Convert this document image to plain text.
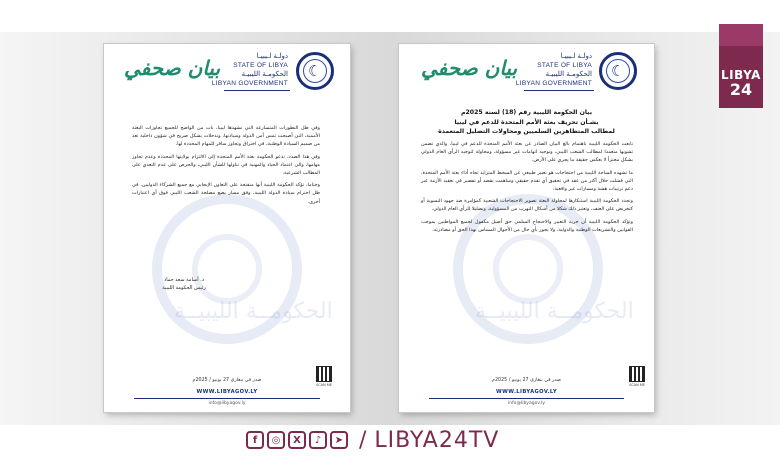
LIBYA
24
☾
دولـة لـيبيـا
STATE OF LIBYA
الحكومـة الليبيـة
LIBYAN GOVERNMENT
بيان صحفي
الحكومــة الليبيــة

وفي ظل التطورات المتسارعة التي تشهدها ليبيا، بات من الواضح للجميع تجاوزات البعثة الأممية، التي أصبحت تمس أمن الدولة وسيادتها، وتدخلات بشكل صريح في شؤون داخلية تعد من صميم السيادة الوطنية، في اختراق وتجاوز سافر للمهام المحددة لها.

وفي هذا الصدد، تدعو الحكومة بعثة الأمم المتحدة إلى الالتزام بولايتها المحددة وعدم تجاوز مهامها، والى اعتماد الحياد والمهنية في تناولها للشأن الليبي، والحرص على عدم التعدي على المطالب الشرعية.

وختاما، تؤكد الحكومة الليبية أنها منفتحة على التعاون الإيجابي مع جميع الشركاء الدوليين، في ظل احترام سيادة الدولة الليبية، وفق مسار يضع مصلحة الشعب الليبي فوق أي اعتبارات أخرى.

د. أسامة سعد حماد
رئيس الحكومة الليبية
SCAN ME
صدر في بنغازي 27 يونيو / 2025م
WWW.LIBYAGOV.LY
info@libyagov.ly
☾
دولـة لـيبيـا
STATE OF LIBYA
الحكومـة الليبيـة
LIBYAN GOVERNMENT
بيان صحفي
الحكومــة الليبيــة
بيان الحكومة الليبية رقم (18) لسنة 2025م
بشـأن تحريف بعثة الأمم المتحدة للدعم في ليبيا
لمطالب المتظاهرين السلميين ومحاولات التضليل المتعمدة

تابعت الحكومة الليبية باهتمام بالغ البيان الصادر عن بعثة الأمم المتحدة للدعم في ليبيا، والذي تضمن تشويها متعمدا لمطالب الشعب الليبي، وتوجيه اتهامات غير مسؤولة، ومحاولة لتوجيه الرأي العام الدولي بشكل مجتزأ لا يعكس حقيقة ما يجري على الأرض.

ما تشهده الساحة الليبية من احتجاجات هو تعبير طبيعي عن السخط المتزايد تجاه أداء بعثة الأمم المتحدة، التي فشلت خلال أكثر من عقد في تحقيق أي تقدم حقيقي وساهمت بقصد أو تقصير في تعقيد الأزمة عبر دعم ترتيبات هشة ومسارات غير واقعية.

وتجدد الحكومة الليبية استنكارها لمحاولة البعثة تصوير الاحتجاجات الشعبية كمؤامرة ضد جهود التسوية أو كتحريض على العنف، وتعتبر ذلك شكلا من أشكال التهرب من المسؤولية، وتضليلا للرأي العام الدولي.

وتؤكد الحكومة الليبية أن حرية التعبير والاحتجاج السلمي حق أصيل مكفول لجميع المواطنين بموجب القوانين والتشريعات الوطنية والدولية، ولا يجوز بأي حال من الأحوال المساس بهذا الحق أو مصادرته.

SCAN ME
صدر في بنغازي 27 يونيو / 2025م
WWW.LIBYAGOV.LY
info@libyagov.ly
f	◎	X	♪	➤ / LIBYA24TV
